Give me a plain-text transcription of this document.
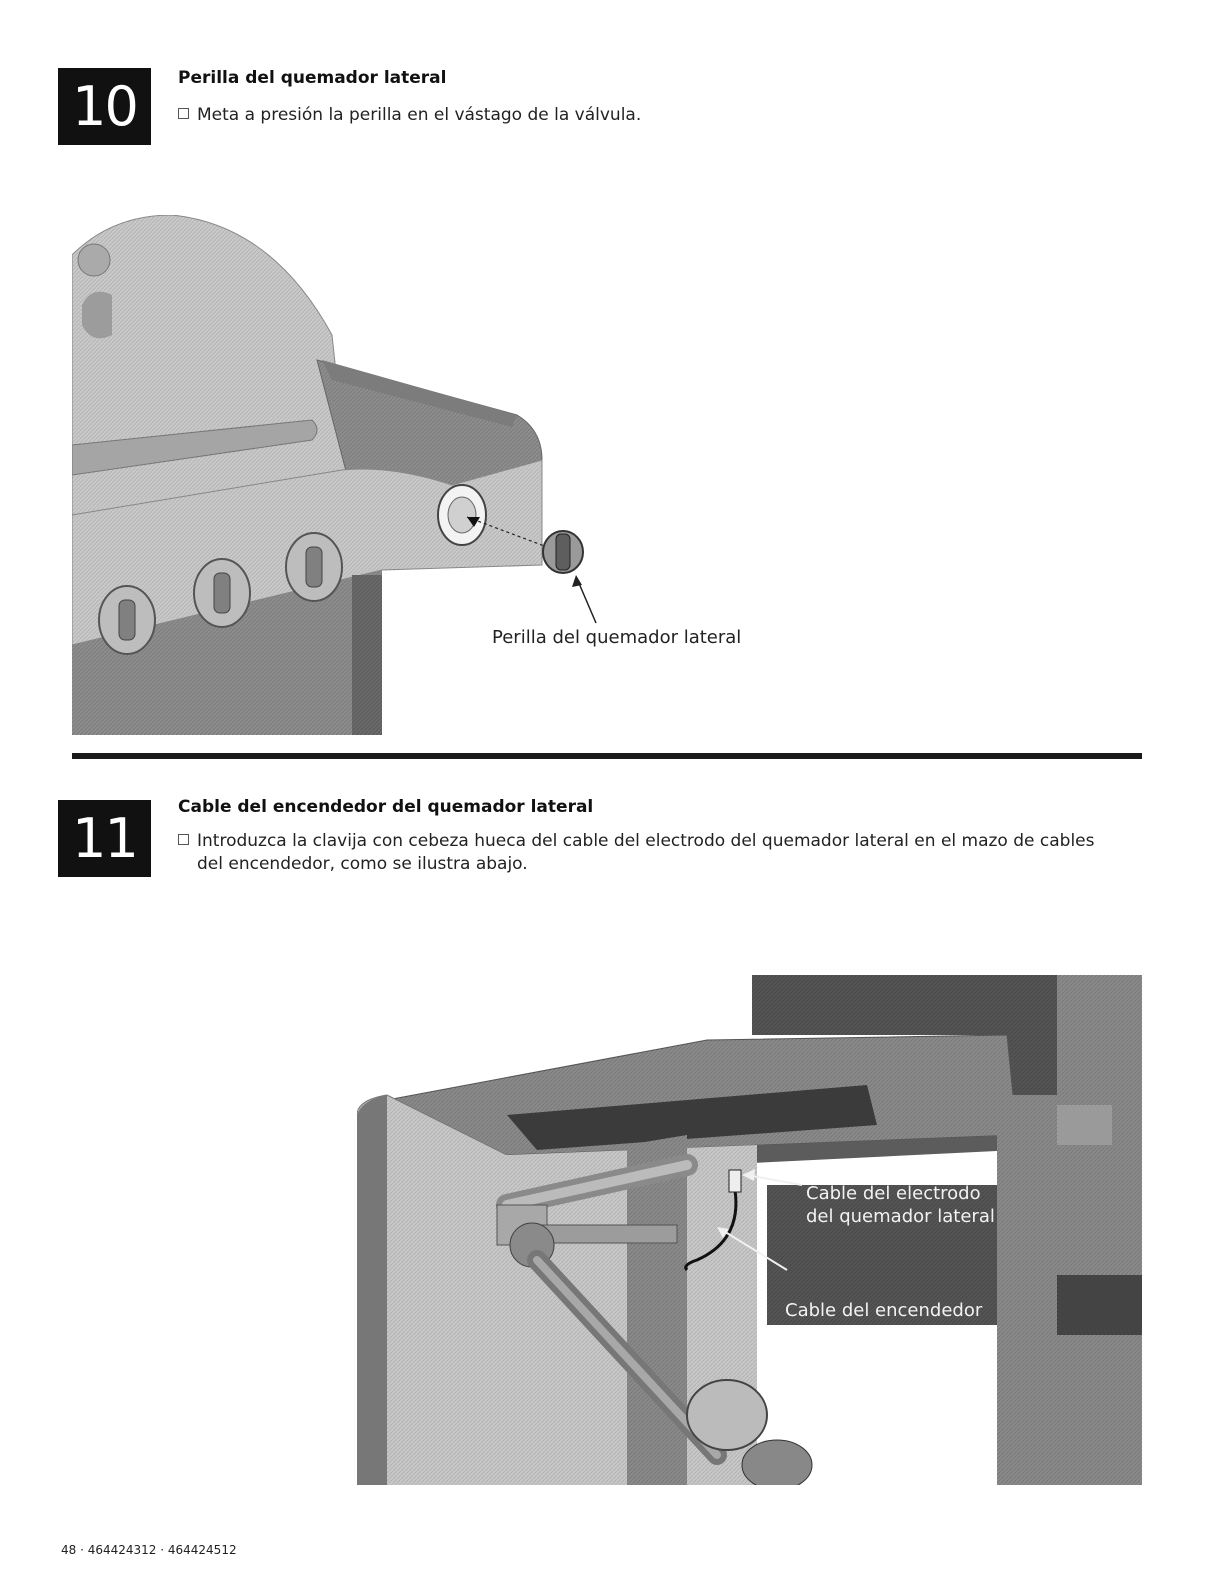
10 Perilla del quemador lateral
Meta a presión la perilla en el vástago de la válvula.
Perilla del quemador lateral
11 Cable del encendedor del quemador lateral
Introduzca la clavija con cebeza hueca del cable del electrodo del quemador lateral en el mazo de cables
del encendedor, como se ilustra abajo.
Cable del electrodo
del quemador lateral
Cable del encendedor
48 · 464424312 · 464424512
